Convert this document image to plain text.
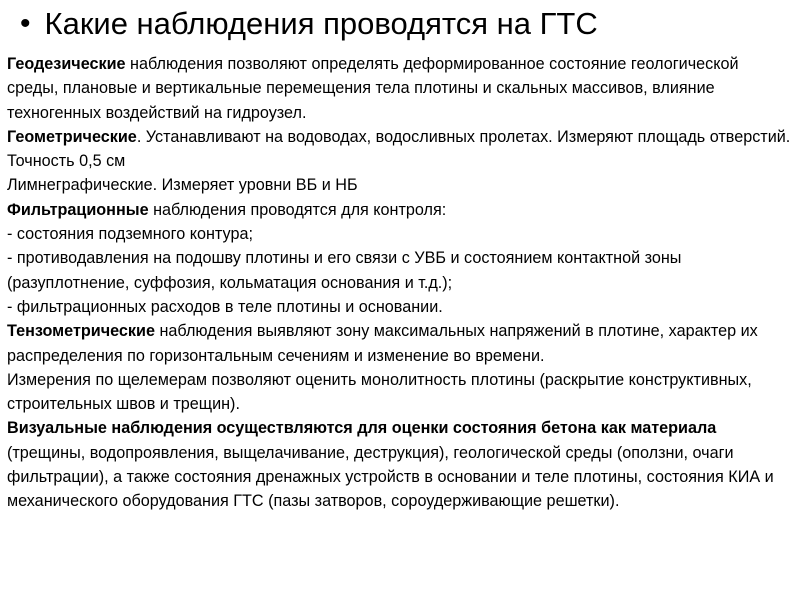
• Какие наблюдения проводятся на ГТС

Геодезические наблюдения позволяют определять деформированное состояние геологической среды, плановые и вертикальные перемещения тела плотины и скальных массивов, влияние техногенных воздействий на гидроузел.

Геометрические. Устанавливают на водоводах, водосливных пролетах. Измеряют площадь отверстий. Точность 0,5 см

Лимнеграфические. Измеряет уровни ВБ и НБ

Фильтрационные наблюдения проводятся для контроля:

- состояния подземного контура;

- противодавления на подошву плотины и его связи с УВБ и состоянием контактной зоны (разуплотнение, суффозия, кольматация основания и т.д.);

- фильтрационных расходов в теле плотины и основании.

Тензометрические наблюдения выявляют зону максимальных напряжений в плотине, характер их распределения по горизонтальным сечениям и изменение во времени.

Измерения по щелемерам позволяют оценить монолитность плотины (раскрытие конструктивных, строительных швов и трещин).

Визуальные наблюдения осуществляются для оценки состояния бетона как материала (трещины, водопроявления, выщелачивание, деструкция), геологической среды (оползни, очаги фильтрации), а также состояния дренажных устройств в основании и теле плотины, состояния КИА и механического оборудования ГТС (пазы затворов, сороудерживающие решетки).
